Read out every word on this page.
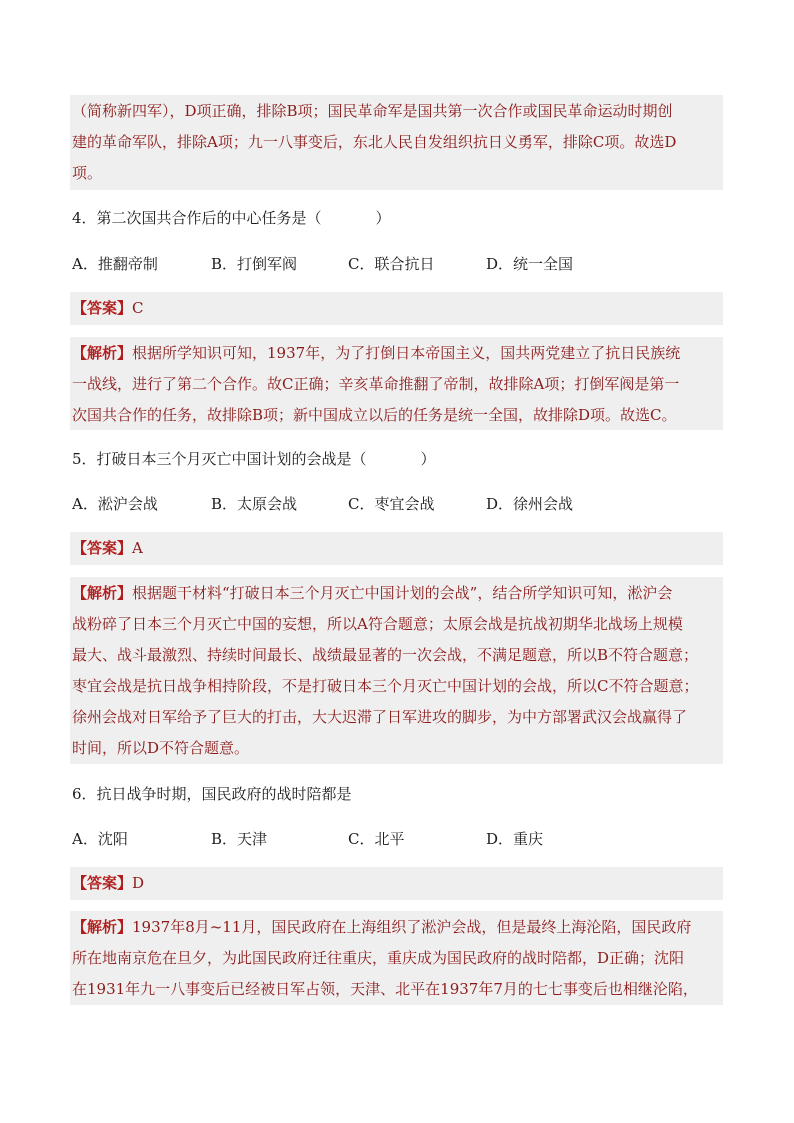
（简称新四军），D项正确，排除B项；国民革命军是国共第一次合作或国民革命运动时期创
建的革命军队，排除A项；九一八事变后，东北人民自发组织抗日义勇军，排除C项。故选D
项。
4．第二次国共合作后的中心任务是（	）
A．推翻帝制	B．打倒军阀	C．联合抗日	D．统一全国
【答案】C
【解析】根据所学知识可知，1937年，为了打倒日本帝国主义，国共两党建立了抗日民族统
一战线，进行了第二个合作。故C正确；辛亥革命推翻了帝制，故排除A项；打倒军阀是第一
次国共合作的任务，故排除B项；新中国成立以后的任务是统一全国，故排除D项。故选C。
5．打破日本三个月灭亡中国计划的会战是（	）
A．淞沪会战	B．太原会战	C．枣宜会战	D．徐州会战
【答案】A
【解析】根据题干材料“打破日本三个月灭亡中国计划的会战”，结合所学知识可知，淞沪会
战粉碎了日本三个月灭亡中国的妄想，所以A符合题意；太原会战是抗战初期华北战场上规模
最大、战斗最激烈、持续时间最长、战绩最显著的一次会战，不满足题意，所以B不符合题意；
枣宜会战是抗日战争相持阶段，不是打破日本三个月灭亡中国计划的会战，所以C不符合题意；
徐州会战对日军给予了巨大的打击，大大迟滞了日军进攻的脚步，为中方部署武汉会战赢得了
时间，所以D不符合题意。
6．抗日战争时期，国民政府的战时陪都是
A．沈阳	B．天津	C．北平	D．重庆
【答案】D
【解析】1937年8月~11月，国民政府在上海组织了淞沪会战，但是最终上海沦陷，国民政府
所在地南京危在旦夕，为此国民政府迁往重庆，重庆成为国民政府的战时陪都，D正确；沈阳
在1931年九一八事变后已经被日军占领，天津、北平在1937年7月的七七事变后也相继沦陷，
